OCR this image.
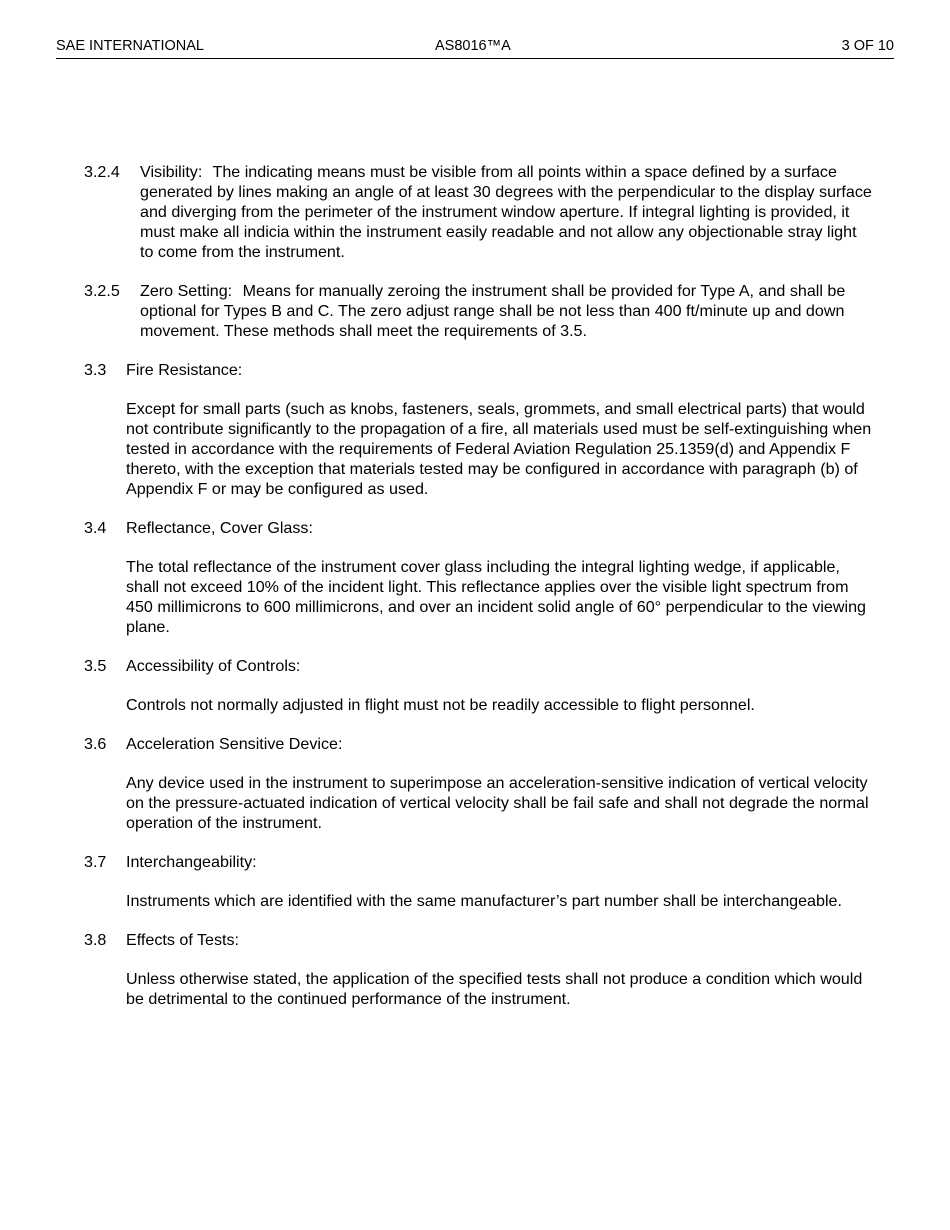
SAE INTERNATIONAL	AS8016™A	3 OF 10
3.2.4 Visibility: The indicating means must be visible from all points within a space defined by a surface generated by lines making an angle of at least 30 degrees with the perpendicular to the display surface and diverging from the perimeter of the instrument window aperture. If integral lighting is provided, it must make all indicia within the instrument easily readable and not allow any objectionable stray light to come from the instrument.
3.2.5 Zero Setting: Means for manually zeroing the instrument shall be provided for Type A, and shall be optional for Types B and C. The zero adjust range shall be not less than 400 ft/minute up and down movement. These methods shall meet the requirements of 3.5.
3.3 Fire Resistance:
Except for small parts (such as knobs, fasteners, seals, grommets, and small electrical parts) that would not contribute significantly to the propagation of a fire, all materials used must be self-extinguishing when tested in accordance with the requirements of Federal Aviation Regulation 25.1359(d) and Appendix F thereto, with the exception that materials tested may be configured in accordance with paragraph (b) of Appendix F or may be configured as used.
3.4 Reflectance, Cover Glass:
The total reflectance of the instrument cover glass including the integral lighting wedge, if applicable, shall not exceed 10% of the incident light. This reflectance applies over the visible light spectrum from 450 millimicrons to 600 millimicrons, and over an incident solid angle of 60° perpendicular to the viewing plane.
3.5 Accessibility of Controls:
Controls not normally adjusted in flight must not be readily accessible to flight personnel.
3.6 Acceleration Sensitive Device:
Any device used in the instrument to superimpose an acceleration-sensitive indication of vertical velocity on the pressure-actuated indication of vertical velocity shall be fail safe and shall not degrade the normal operation of the instrument.
3.7 Interchangeability:
Instruments which are identified with the same manufacturer’s part number shall be interchangeable.
3.8 Effects of Tests:
Unless otherwise stated, the application of the specified tests shall not produce a condition which would be detrimental to the continued performance of the instrument.
